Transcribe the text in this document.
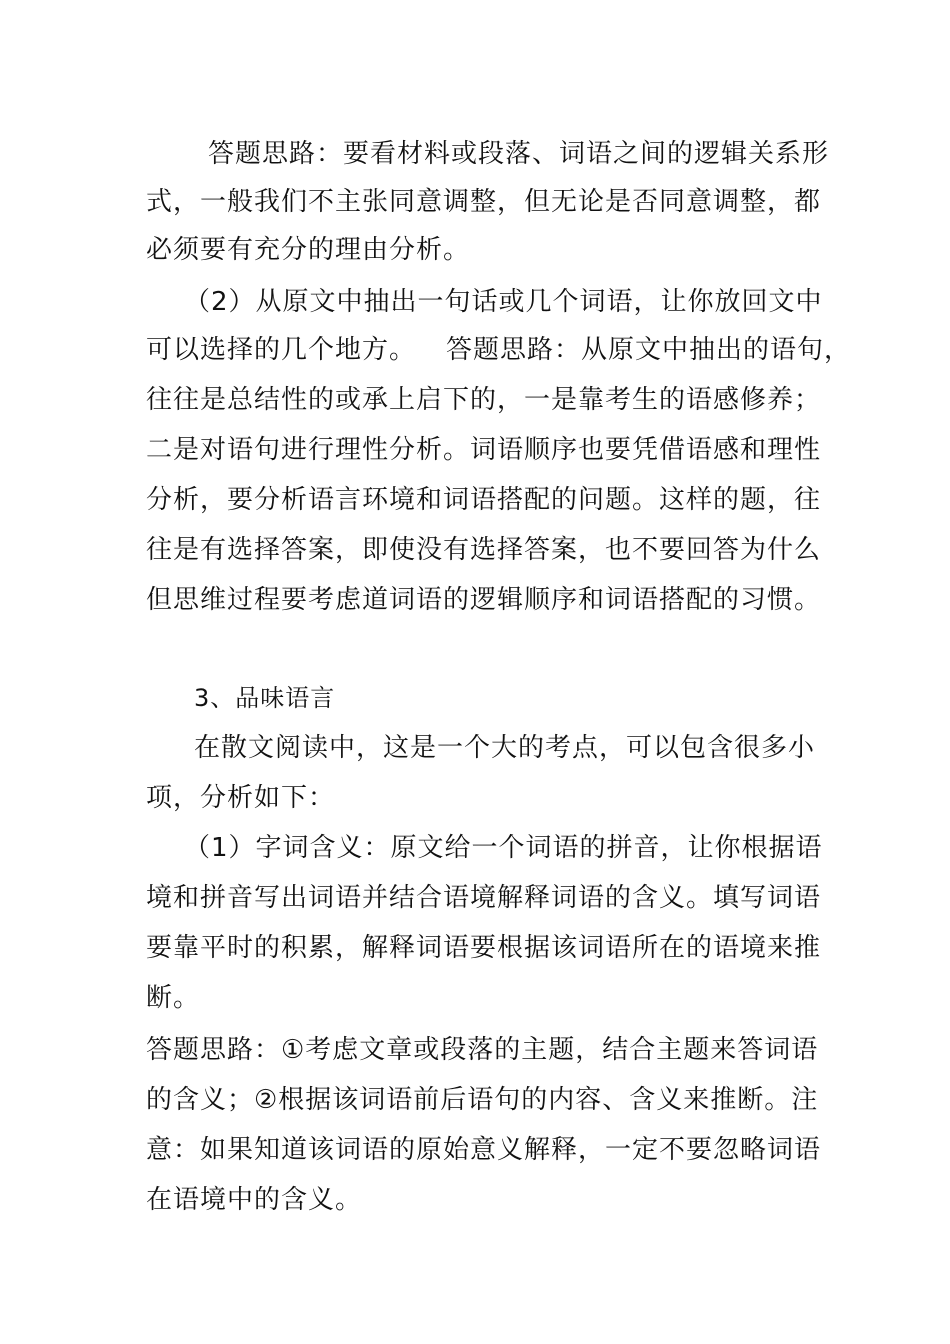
答题思路：要看材料或段落、词语之间的逻辑关系形
式，一般我们不主张同意调整，但无论是否同意调整，都
必须要有充分的理由分析。
（2）从原文中抽出一句话或几个词语，让你放回文中
可以选择的几个地方。 答题思路：从原文中抽出的语句，
往往是总结性的或承上启下的，一是靠考生的语感修养；
二是对语句进行理性分析。词语顺序也要凭借语感和理性
分析，要分析语言环境和词语搭配的问题。这样的题，往
往是有选择答案，即使没有选择答案，也不要回答为什么
但思维过程要考虑道词语的逻辑顺序和词语搭配的习惯。
3、品味语言
在散文阅读中，这是一个大的考点，可以包含很多小
项，分析如下：
（1）字词含义：原文给一个词语的拼音，让你根据语
境和拼音写出词语并结合语境解释词语的含义。填写词语
要靠平时的积累，解释词语要根据该词语所在的语境来推
断。
答题思路：①考虑文章或段落的主题，结合主题来答词语
的含义；②根据该词语前后语句的内容、含义来推断。注
意：如果知道该词语的原始意义解释，一定不要忽略词语
在语境中的含义。
